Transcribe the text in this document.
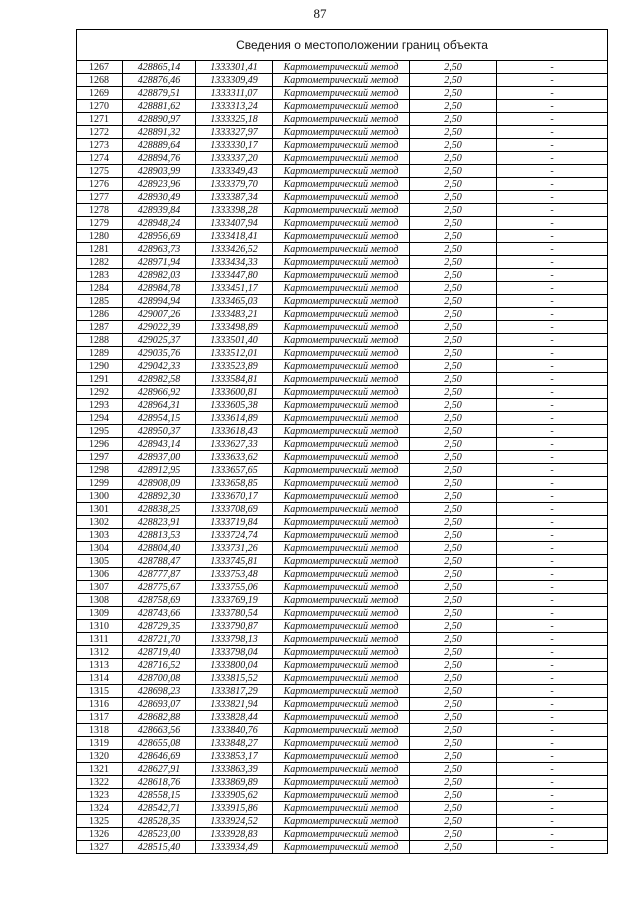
87
Сведения о местоположении границ объекта					
1267	428865,14	1333301,41	Картометрический метод	2,50	-
1268	428876,46	1333309,49	Картометрический метод	2,50	-
1269	428879,51	1333311,07	Картометрический метод	2,50	-
1270	428881,62	1333313,24	Картометрический метод	2,50	-
1271	428890,97	1333325,18	Картометрический метод	2,50	-
1272	428891,32	1333327,97	Картометрический метод	2,50	-
1273	428889,64	1333330,17	Картометрический метод	2,50	-
1274	428894,76	1333337,20	Картометрический метод	2,50	-
1275	428903,99	1333349,43	Картометрический метод	2,50	-
1276	428923,96	1333379,70	Картометрический метод	2,50	-
1277	428930,49	1333387,34	Картометрический метод	2,50	-
1278	428939,84	1333398,28	Картометрический метод	2,50	-
1279	428948,24	1333407,94	Картометрический метод	2,50	-
1280	428956,69	1333418,41	Картометрический метод	2,50	-
1281	428963,73	1333426,52	Картометрический метод	2,50	-
1282	428971,94	1333434,33	Картометрический метод	2,50	-
1283	428982,03	1333447,80	Картометрический метод	2,50	-
1284	428984,78	1333451,17	Картометрический метод	2,50	-
1285	428994,94	1333465,03	Картометрический метод	2,50	-
1286	429007,26	1333483,21	Картометрический метод	2,50	-
1287	429022,39	1333498,89	Картометрический метод	2,50	-
1288	429025,37	1333501,40	Картометрический метод	2,50	-
1289	429035,76	1333512,01	Картометрический метод	2,50	-
1290	429042,33	1333523,89	Картометрический метод	2,50	-
1291	428982,58	1333584,81	Картометрический метод	2,50	-
1292	428966,92	1333600,81	Картометрический метод	2,50	-
1293	428964,31	1333605,38	Картометрический метод	2,50	-
1294	428954,15	1333614,89	Картометрический метод	2,50	-
1295	428950,37	1333618,43	Картометрический метод	2,50	-
1296	428943,14	1333627,33	Картометрический метод	2,50	-
1297	428937,00	1333633,62	Картометрический метод	2,50	-
1298	428912,95	1333657,65	Картометрический метод	2,50	-
1299	428908,09	1333658,85	Картометрический метод	2,50	-
1300	428892,30	1333670,17	Картометрический метод	2,50	-
1301	428838,25	1333708,69	Картометрический метод	2,50	-
1302	428823,91	1333719,84	Картометрический метод	2,50	-
1303	428813,53	1333724,74	Картометрический метод	2,50	-
1304	428804,40	1333731,26	Картометрический метод	2,50	-
1305	428788,47	1333745,81	Картометрический метод	2,50	-
1306	428777,87	1333753,48	Картометрический метод	2,50	-
1307	428775,67	1333755,06	Картометрический метод	2,50	-
1308	428758,69	1333769,19	Картометрический метод	2,50	-
1309	428743,66	1333780,54	Картометрический метод	2,50	-
1310	428729,35	1333790,87	Картометрический метод	2,50	-
1311	428721,70	1333798,13	Картометрический метод	2,50	-
1312	428719,40	1333798,04	Картометрический метод	2,50	-
1313	428716,52	1333800,04	Картометрический метод	2,50	-
1314	428700,08	1333815,52	Картометрический метод	2,50	-
1315	428698,23	1333817,29	Картометрический метод	2,50	-
1316	428693,07	1333821,94	Картометрический метод	2,50	-
1317	428682,88	1333828,44	Картометрический метод	2,50	-
1318	428663,56	1333840,76	Картометрический метод	2,50	-
1319	428655,08	1333848,27	Картометрический метод	2,50	-
1320	428646,69	1333853,17	Картометрический метод	2,50	-
1321	428627,91	1333863,39	Картометрический метод	2,50	-
1322	428618,76	1333869,89	Картометрический метод	2,50	-
1323	428558,15	1333905,62	Картометрический метод	2,50	-
1324	428542,71	1333915,86	Картометрический метод	2,50	-
1325	428528,35	1333924,52	Картометрический метод	2,50	-
1326	428523,00	1333928,83	Картометрический метод	2,50	-
1327	428515,40	1333934,49	Картометрический метод	2,50	-
